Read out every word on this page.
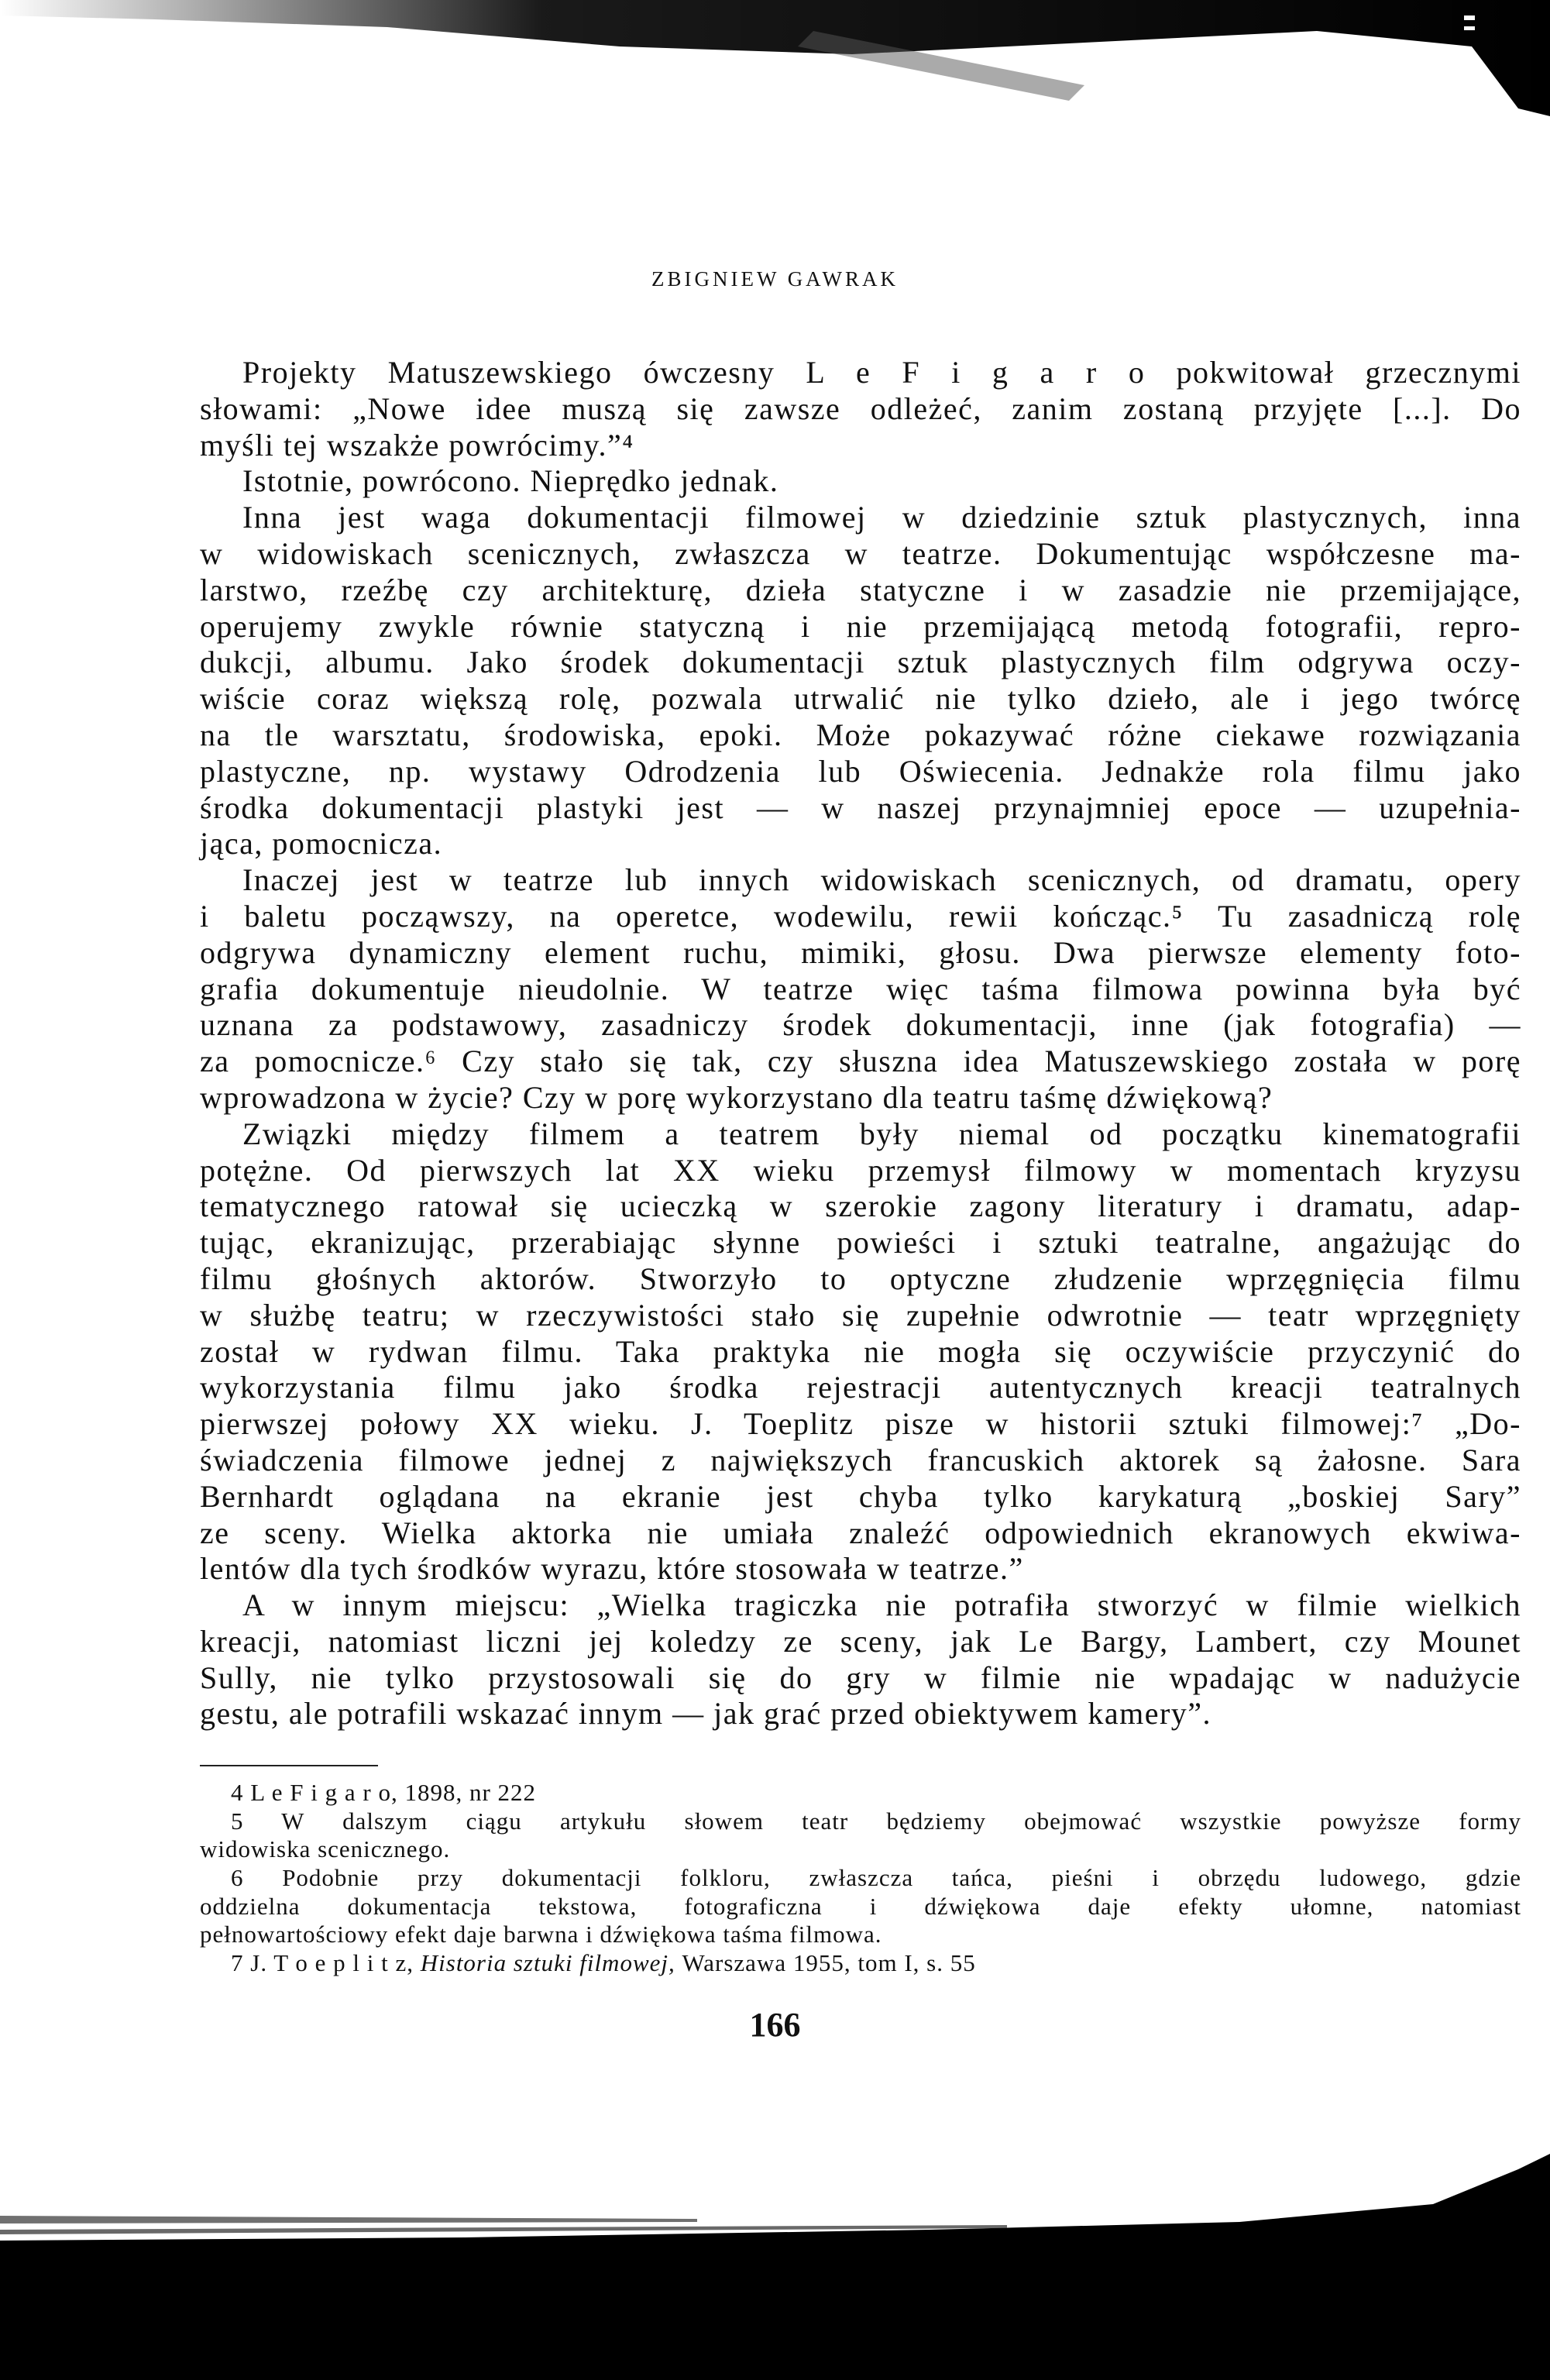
ZBIGNIEW GAWRAK
Projekty Matuszewskiego ówczesny L e F i g a r o pokwitował grzecznymi
słowami: „Nowe idee muszą się zawsze odleżeć, zanim zostaną przyjęte [...]. Do
myśli tej wszakże powrócimy.”⁴
Istotnie, powrócono. Nieprędko jednak.
Inna jest waga dokumentacji filmowej w dziedzinie sztuk plastycznych, inna
w widowiskach scenicznych, zwłaszcza w teatrze. Dokumentując współczesne ma-
larstwo, rzeźbę czy architekturę, dzieła statyczne i w zasadzie nie przemijające,
operujemy zwykle równie statyczną i nie przemijającą metodą fotografii, repro-
dukcji, albumu. Jako środek dokumentacji sztuk plastycznych film odgrywa oczy-
wiście coraz większą rolę, pozwala utrwalić nie tylko dzieło, ale i jego twórcę
na tle warsztatu, środowiska, epoki. Może pokazywać różne ciekawe rozwiązania
plastyczne, np. wystawy Odrodzenia lub Oświecenia. Jednakże rola filmu jako
środka dokumentacji plastyki jest — w naszej przynajmniej epoce — uzupełnia-
jąca, pomocnicza.
Inaczej jest w teatrze lub innych widowiskach scenicznych, od dramatu, opery
i baletu począwszy, na operetce, wodewilu, rewii kończąc.⁵ Tu zasadniczą rolę
odgrywa dynamiczny element ruchu, mimiki, głosu. Dwa pierwsze elementy foto-
grafia dokumentuje nieudolnie. W teatrze więc taśma filmowa powinna była być
uznana za podstawowy, zasadniczy środek dokumentacji, inne (jak fotografia) —
za pomocnicze.⁶ Czy stało się tak, czy słuszna idea Matuszewskiego została w porę
wprowadzona w życie? Czy w porę wykorzystano dla teatru taśmę dźwiękową?
Związki między filmem a teatrem były niemal od początku kinematografii
potężne. Od pierwszych lat XX wieku przemysł filmowy w momentach kryzysu
tematycznego ratował się ucieczką w szerokie zagony literatury i dramatu, adap-
tując, ekranizując, przerabiając słynne powieści i sztuki teatralne, angażując do
filmu głośnych aktorów. Stworzyło to optyczne złudzenie wprzęgnięcia filmu
w służbę teatru; w rzeczywistości stało się zupełnie odwrotnie — teatr wprzęgnięty
został w rydwan filmu. Taka praktyka nie mogła się oczywiście przyczynić do
wykorzystania filmu jako środka rejestracji autentycznych kreacji teatralnych
pierwszej połowy XX wieku. J. Toeplitz pisze w historii sztuki filmowej:⁷ „Do-
świadczenia filmowe jednej z największych francuskich aktorek są żałosne. Sara
Bernhardt oglądana na ekranie jest chyba tylko karykaturą „boskiej Sary”
ze sceny. Wielka aktorka nie umiała znaleźć odpowiednich ekranowych ekwiwa-
lentów dla tych środków wyrazu, które stosowała w teatrze.”
A w innym miejscu: „Wielka tragiczka nie potrafiła stworzyć w filmie wielkich
kreacji, natomiast liczni jej koledzy ze sceny, jak Le Bargy, Lambert, czy Mounet
Sully, nie tylko przystosowali się do gry w filmie nie wpadając w nadużycie
gestu, ale potrafili wskazać innym — jak grać przed obiektywem kamery”.
4 L e F i g a r o, 1898, nr 222
5 W dalszym ciągu artykułu słowem teatr będziemy obejmować wszystkie powyższe formy
widowiska scenicznego.
6 Podobnie przy dokumentacji folkloru, zwłaszcza tańca, pieśni i obrzędu ludowego, gdzie
oddzielna dokumentacja tekstowa, fotograficzna i dźwiękowa daje efekty ułomne, natomiast
pełnowartościowy efekt daje barwna i dźwiękowa taśma filmowa.
7 J. T o e p l i t z, Historia sztuki filmowej, Warszawa 1955, tom I, s. 55
166
